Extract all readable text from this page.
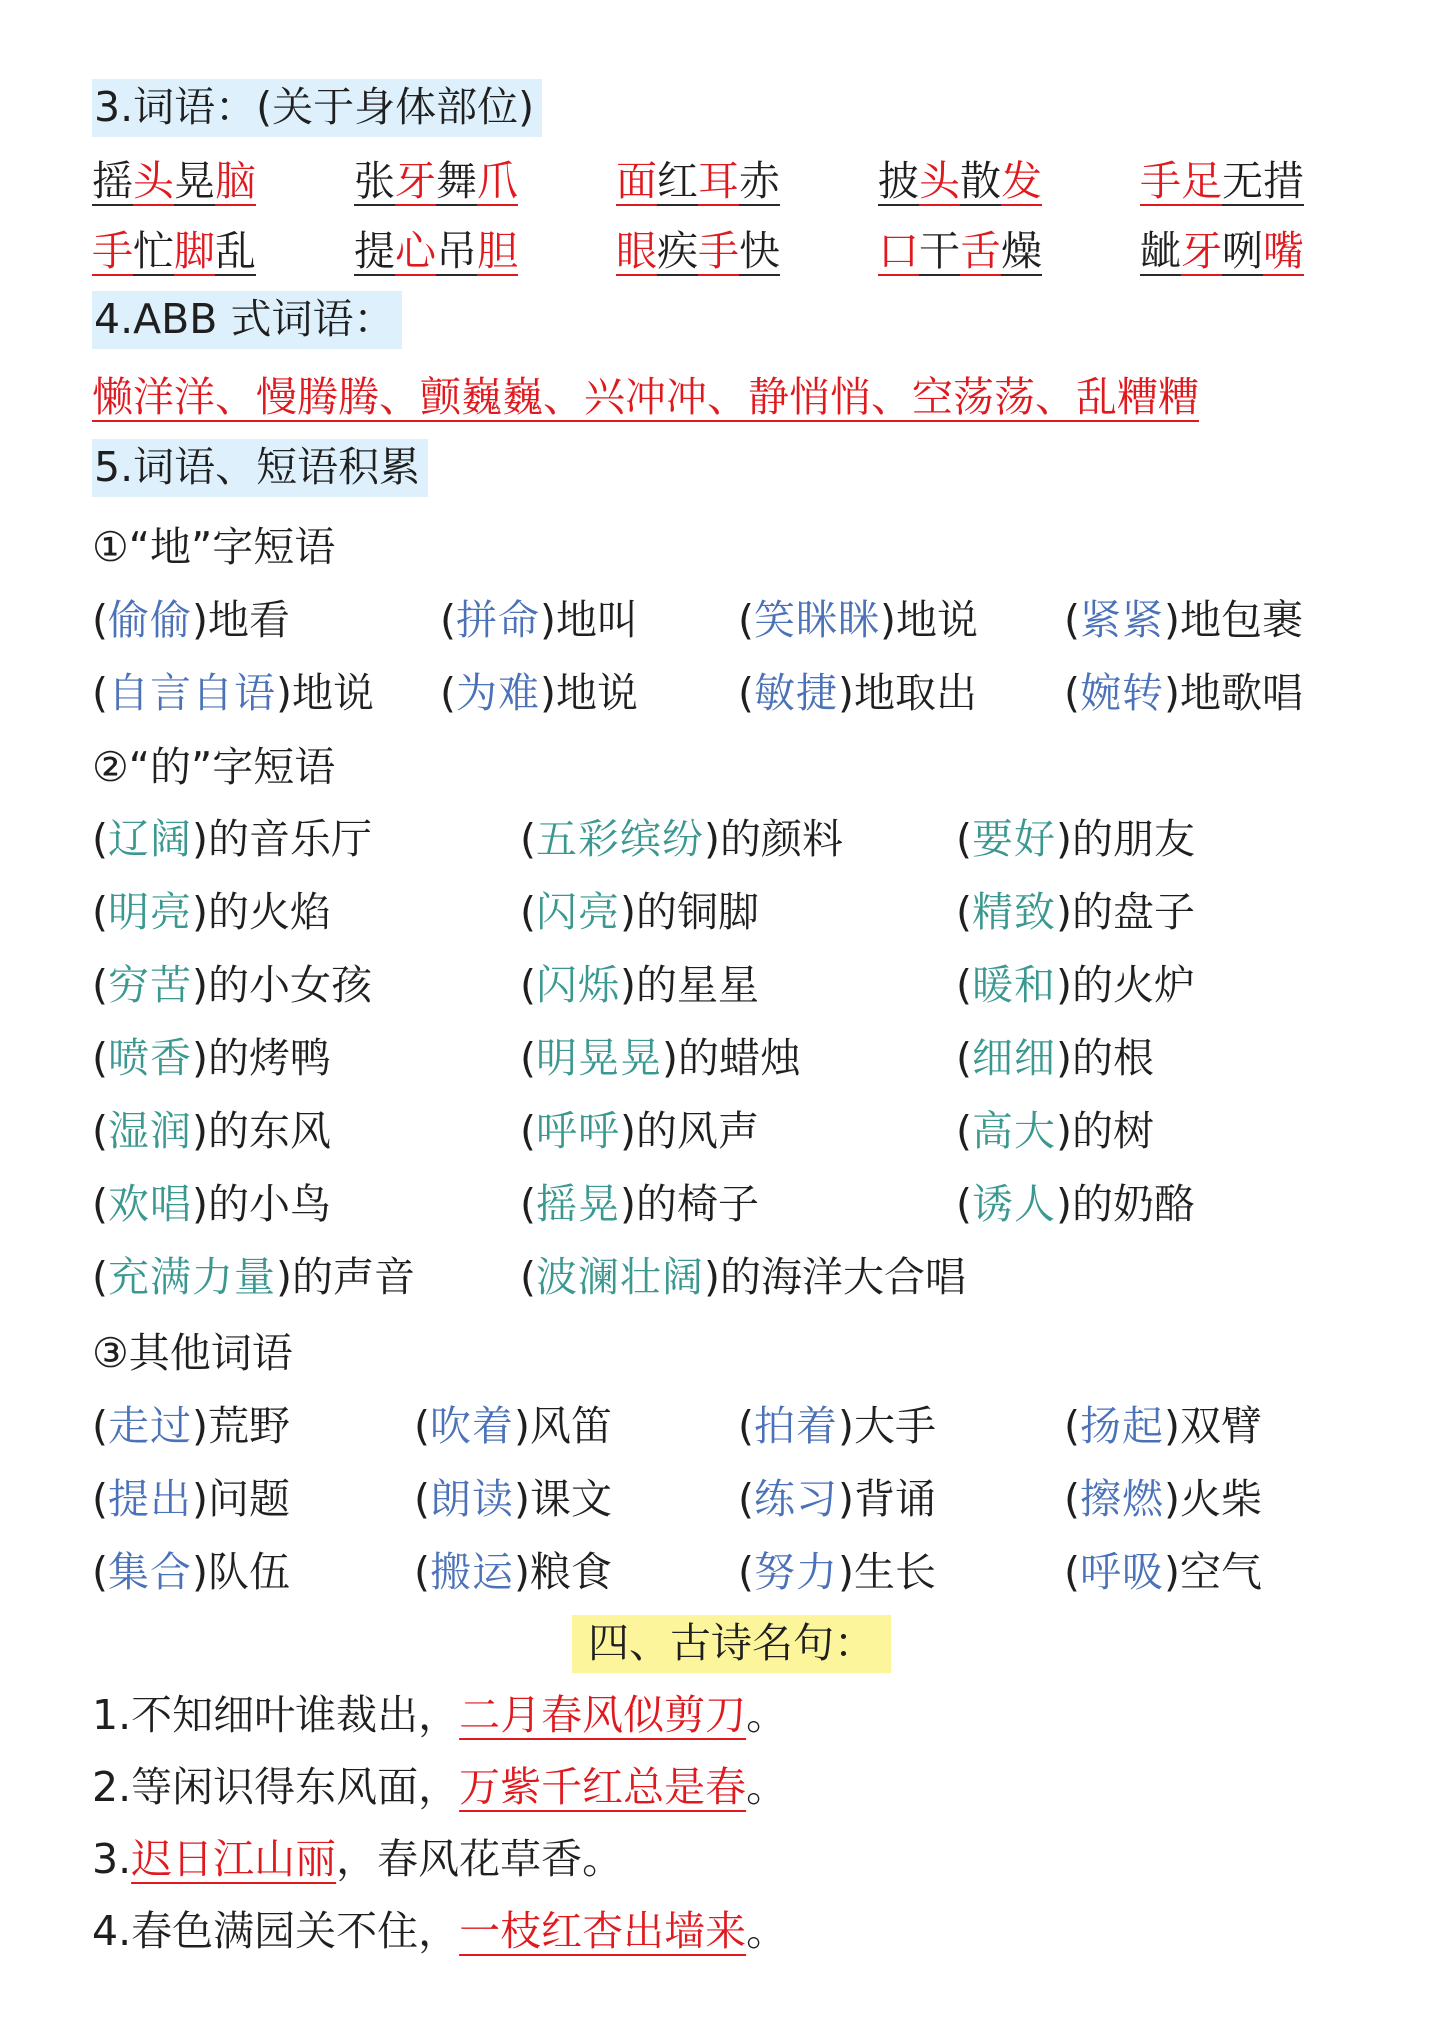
3.词语：(关于身体部位)
摇头晃脑 张牙舞爪 面红耳赤 披头散发 手足无措
手忙脚乱 提心吊胆 眼疾手快 口干舌燥 龇牙咧嘴
4.ABB 式词语：
懒洋洋、慢腾腾、颤巍巍、兴冲冲、静悄悄、空荡荡、乱糟糟
5.词语、短语积累
①“地”字短语
(偷偷)地看	(拼命)地叫 (笑眯眯)地说 (紧紧)地包裹
(自言自语)地说 (为难)地说 (敏捷)地取出 (婉转)地歌唱
②“的”字短语
(辽阔)的音乐厅	(五彩缤纷)的颜料	(要好)的朋友
(明亮)的火焰	(闪亮)的铜脚	(精致)的盘子
(穷苦)的小女孩	(闪烁)的星星	(暖和)的火炉
(喷香)的烤鸭	(明晃晃)的蜡烛	(细细)的根
(湿润)的东风	(呼呼)的风声	(高大)的树
(欢唱)的小鸟	(摇晃)的椅子	(诱人)的奶酪
(充满力量)的声音	(波澜壮阔)的海洋大合唱
③其他词语
(走过)荒野	(吹着)风笛	(拍着)大手	(扬起)双臂
(提出)问题	(朗读)课文	(练习)背诵	(擦燃)火柴
(集合)队伍	(搬运)粮食	(努力)生长	(呼吸)空气
四、古诗名句：
1.不知细叶谁裁出，二月春风似剪刀。
2.等闲识得东风面，万紫千红总是春。
3.迟日江山丽，春风花草香。
4.春色满园关不住，一枝红杏出墙来。
